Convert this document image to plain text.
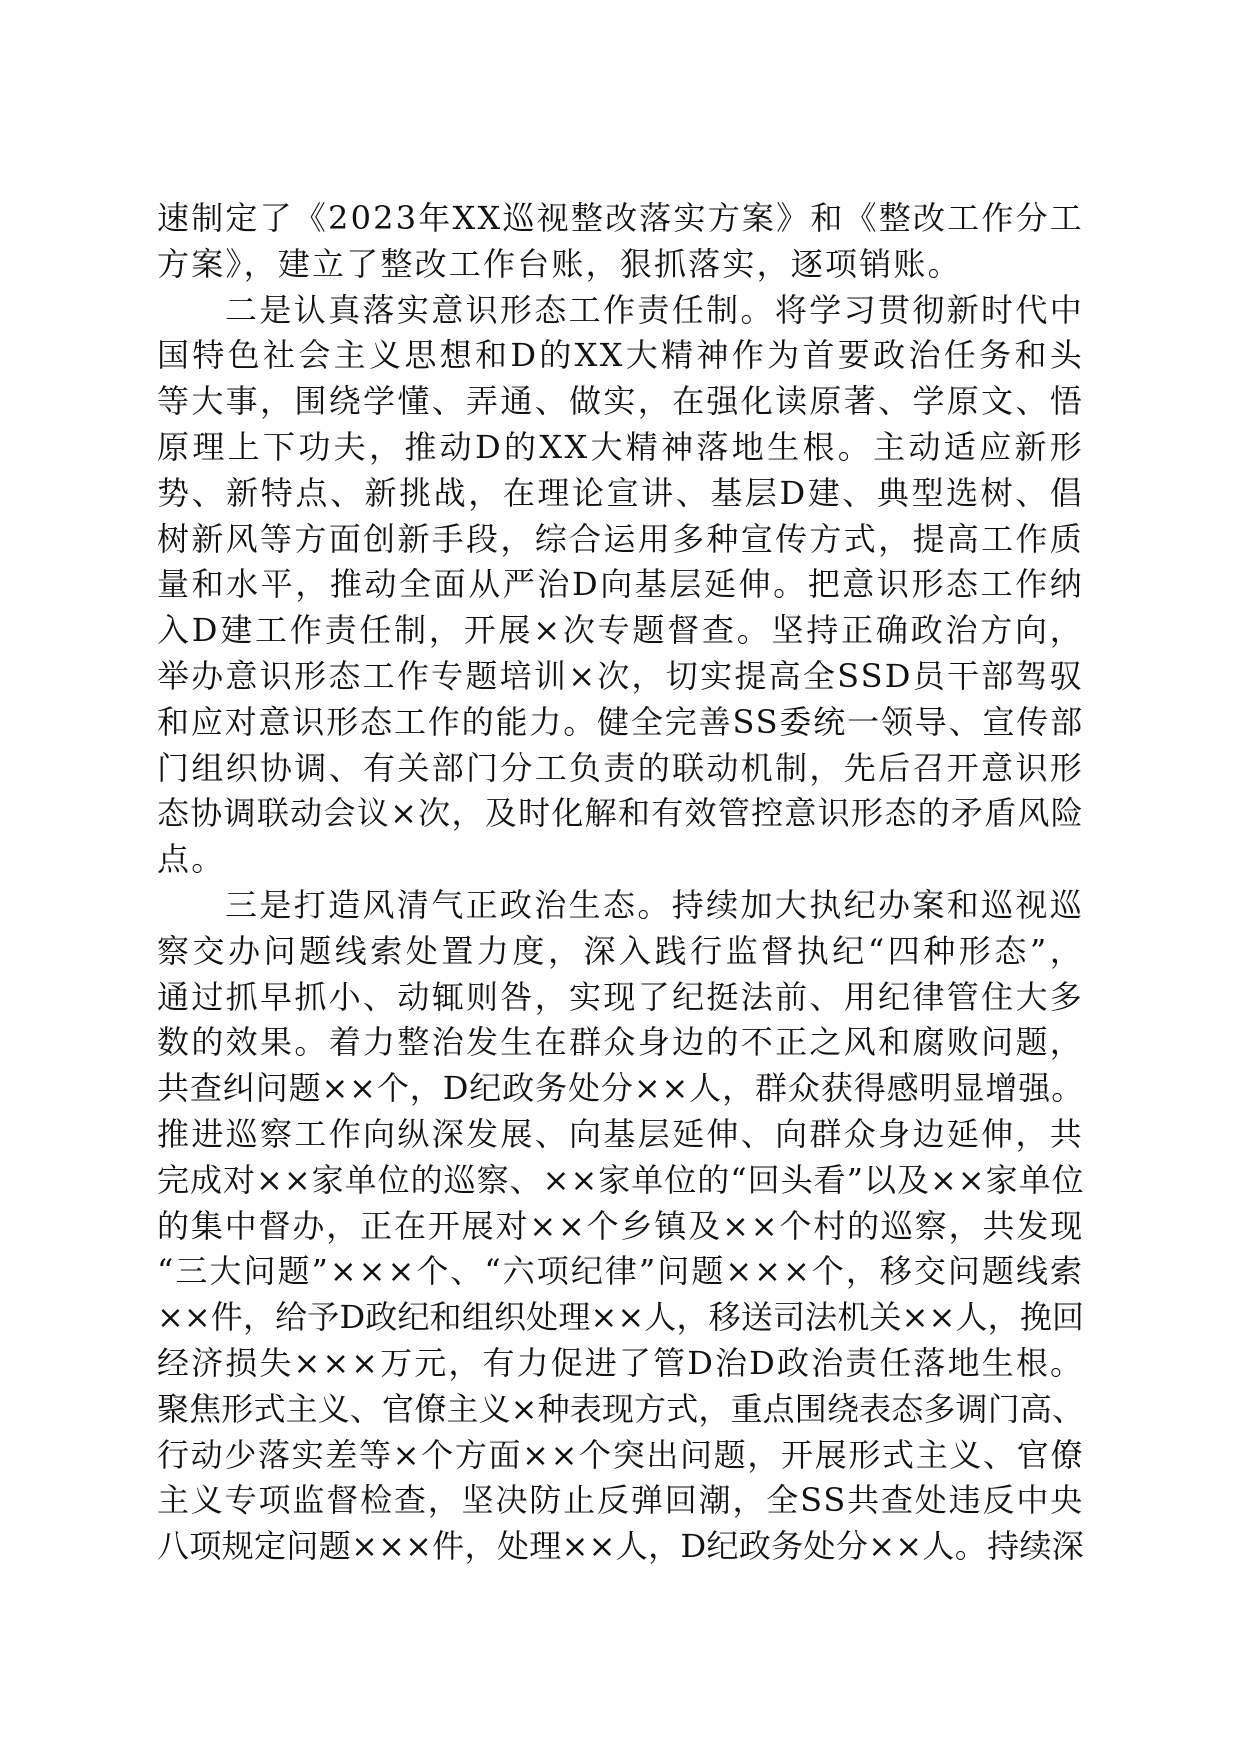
速制定了《2023年XX巡视整改落实方案》和《整改工作分工
方案》，建立了整改工作台账，狠抓落实，逐项销账。
二是认真落实意识形态工作责任制。将学习贯彻新时代中
国特色社会主义思想和D的XX大精神作为首要政治任务和头
等大事，围绕学懂、弄通、做实，在强化读原著、学原文、悟
原理上下功夫，推动D的XX大精神落地生根。主动适应新形
势、新特点、新挑战，在理论宣讲、基层D建、典型选树、倡
树新风等方面创新手段，综合运用多种宣传方式，提高工作质
量和水平，推动全面从严治D向基层延伸。把意识形态工作纳
入D建工作责任制，开展×次专题督查。坚持正确政治方向，
举办意识形态工作专题培训×次，切实提高全SSD员干部驾驭
和应对意识形态工作的能力。健全完善SS委统一领导、宣传部
门组织协调、有关部门分工负责的联动机制，先后召开意识形
态协调联动会议×次，及时化解和有效管控意识形态的矛盾风险
点。
三是打造风清气正政治生态。持续加大执纪办案和巡视巡
察交办问题线索处置力度，深入践行监督执纪“四种形态”，
通过抓早抓小、动辄则咎，实现了纪挺法前、用纪律管住大多
数的效果。着力整治发生在群众身边的不正之风和腐败问题，
共查纠问题××个，D纪政务处分××人，群众获得感明显增强。
推进巡察工作向纵深发展、向基层延伸、向群众身边延伸，共
完成对××家单位的巡察、××家单位的“回头看”以及××家单位
的集中督办，正在开展对××个乡镇及××个村的巡察，共发现
“三大问题”×××个、“六项纪律”问题×××个，移交问题线索
××件，给予D政纪和组织处理××人，移送司法机关××人，挽回
经济损失×××万元，有力促进了管D治D政治责任落地生根。
聚焦形式主义、官僚主义×种表现方式，重点围绕表态多调门高、
行动少落实差等×个方面××个突出问题，开展形式主义、官僚
主义专项监督检查，坚决防止反弹回潮，全SS共查处违反中央
八项规定问题×××件，处理××人，D纪政务处分××人。持续深
